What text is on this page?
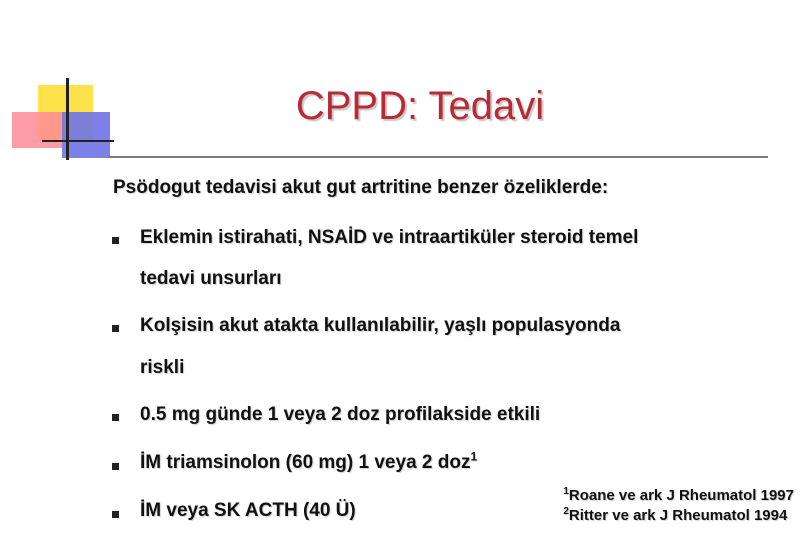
CPPD: Tedavi
Psödogut tedavisi akut gut artritine benzer özeliklerde:
Eklemin istirahati, NSAİD ve intraartiküler steroid temel
tedavi unsurları
Kolşisin akut atakta kullanılabilir, yaşlı populasyonda
riskli
0.5 mg günde 1 veya 2 doz profilakside etkili
İM triamsinolon (60 mg) 1 veya 2 doz$^1$
İM veya SK ACTH (40 Ü)
$^1$Roane ve ark J Rheumatol 1997
$^2$Ritter ve ark J Rheumatol 1994
